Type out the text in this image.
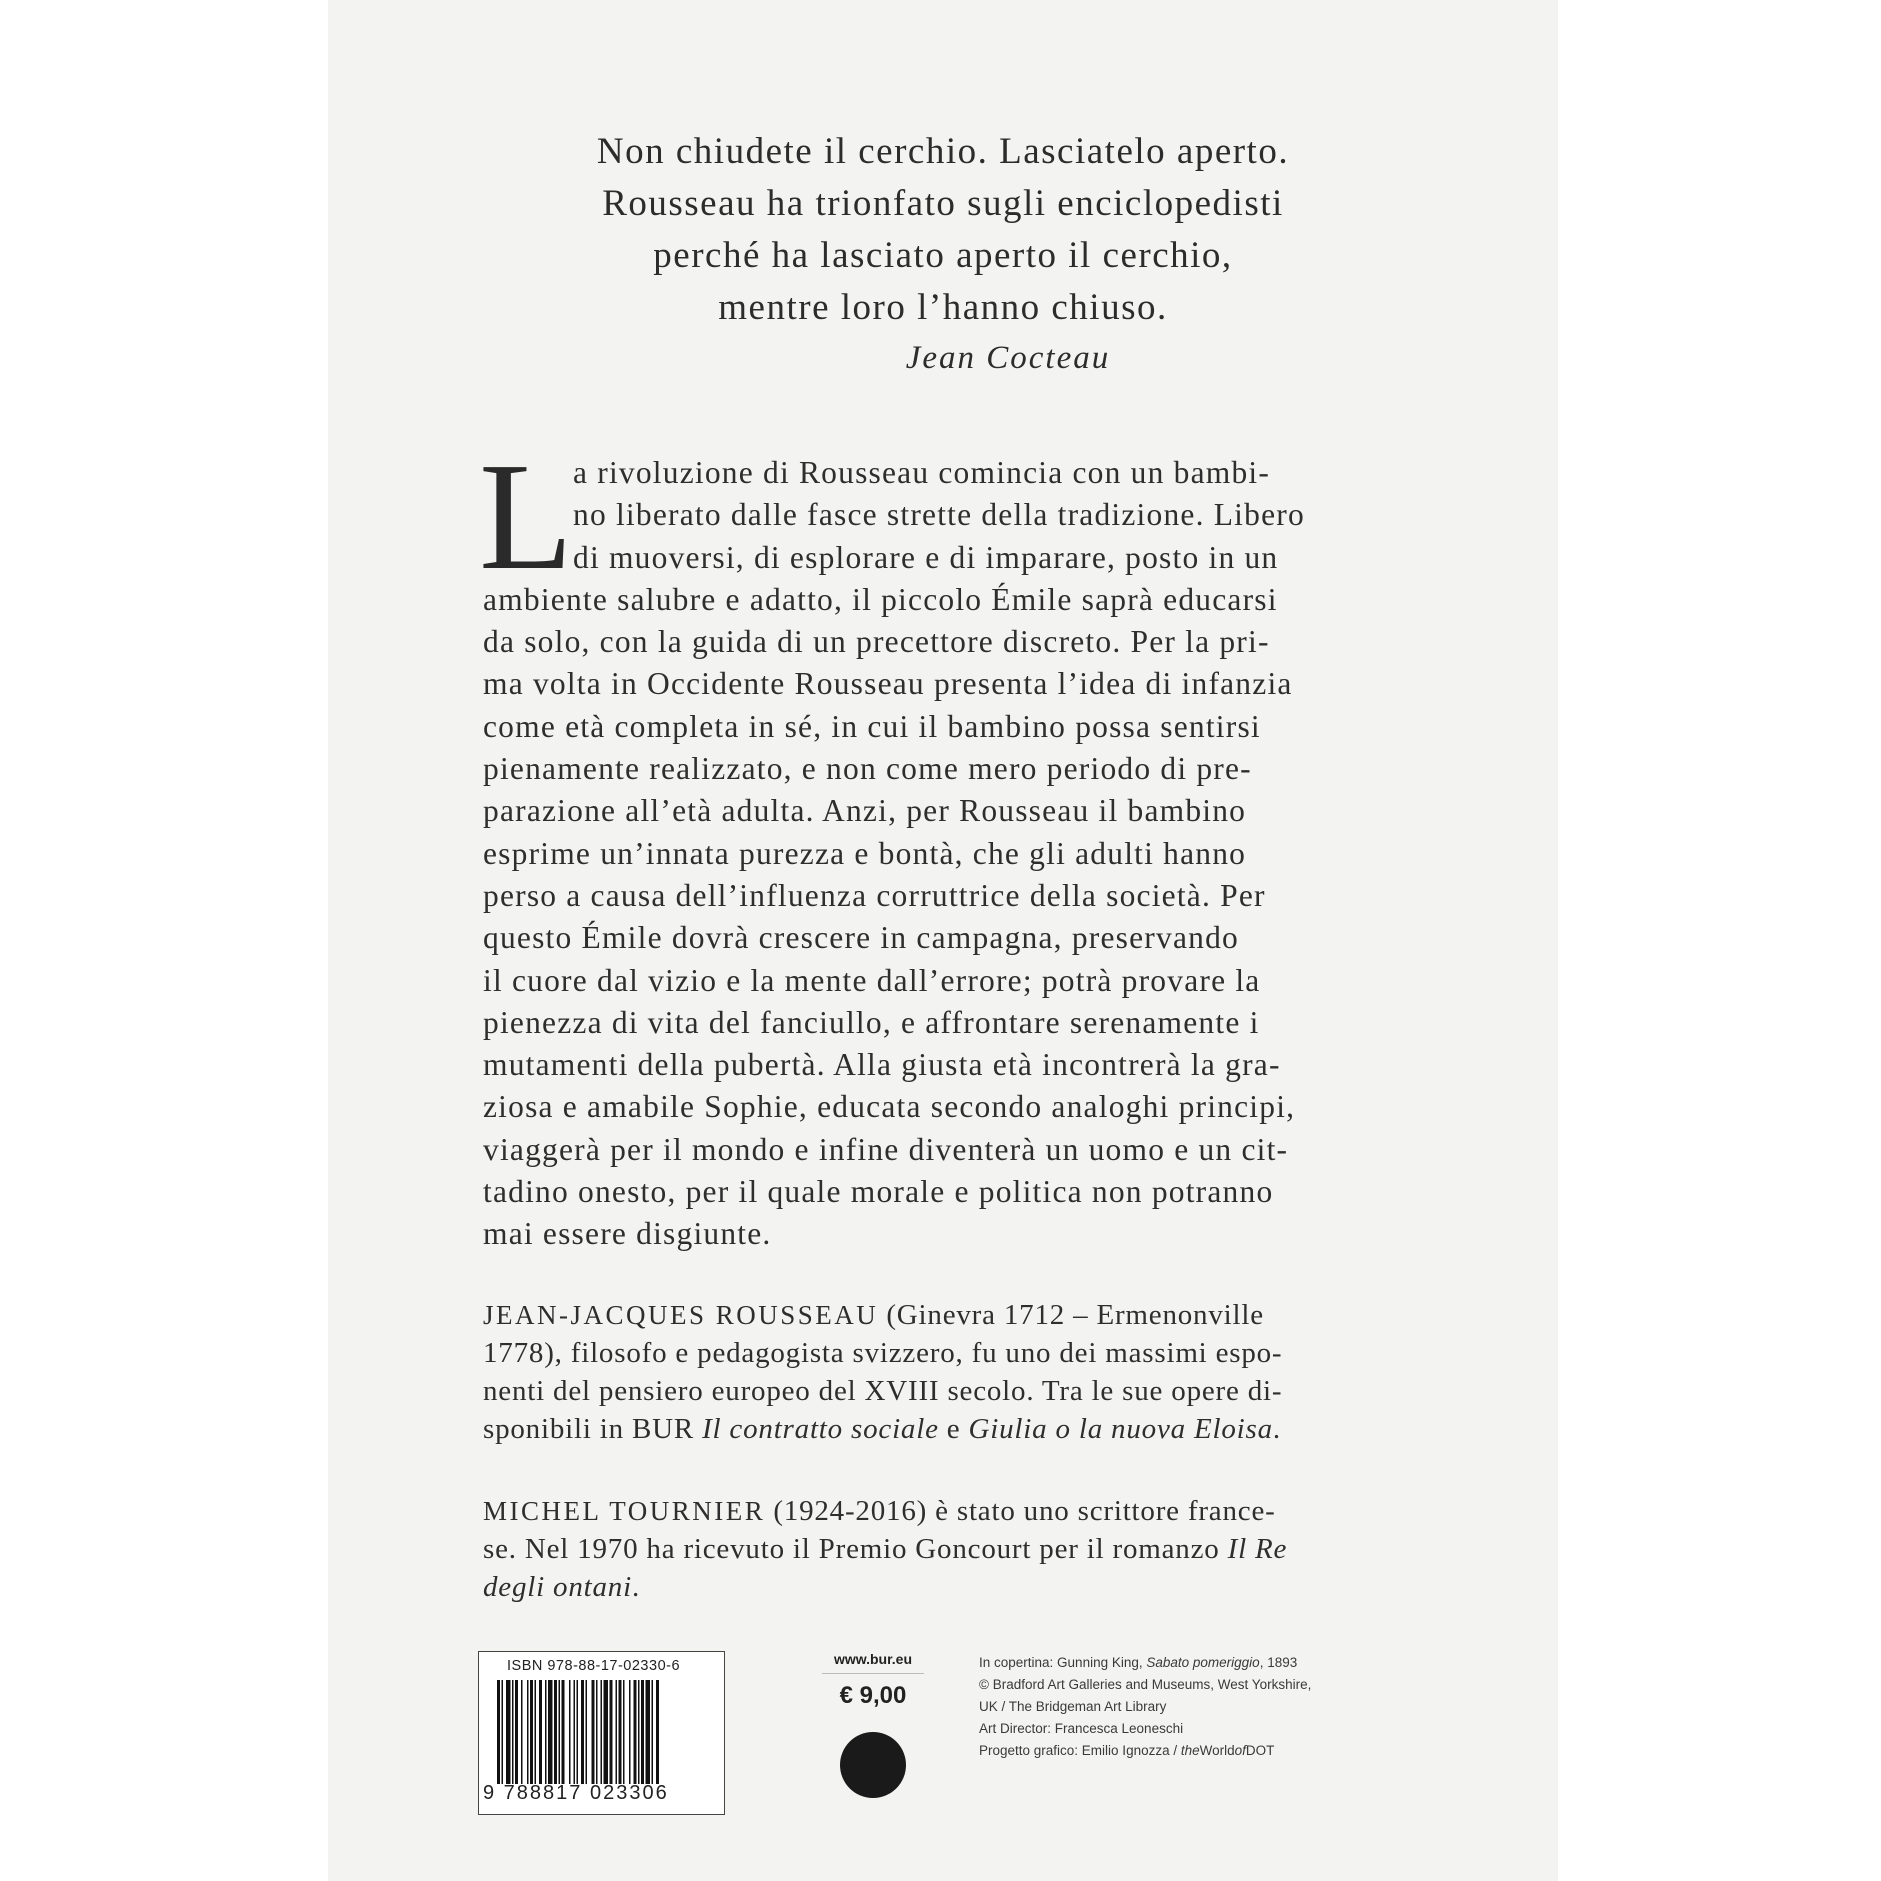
Non chiudete il cerchio. Lasciatelo aperto.
Rousseau ha trionfato sugli enciclopedisti
perché ha lasciato aperto il cerchio,
mentre loro l’hanno chiuso.
Jean Cocteau
L a rivoluzione di Rousseau comincia con un bambi-
no liberato dalle fasce strette della tradizione. Libero
di muoversi, di esplorare e di imparare, posto in un
ambiente salubre e adatto, il piccolo Émile saprà educarsi
da solo, con la guida di un precettore discreto. Per la pri-
ma volta in Occidente Rousseau presenta l’idea di infanzia
come età completa in sé, in cui il bambino possa sentirsi
pienamente realizzato, e non come mero periodo di pre-
parazione all’età adulta. Anzi, per Rousseau il bambino
esprime un’innata purezza e bontà, che gli adulti hanno
perso a causa dell’influenza corruttrice della società. Per
questo Émile dovrà crescere in campagna, preservando
il cuore dal vizio e la mente dall’errore; potrà provare la
pienezza di vita del fanciullo, e affrontare serenamente i
mutamenti della pubertà. Alla giusta età incontrerà la gra-
ziosa e amabile Sophie, educata secondo analoghi principi,
viaggerà per il mondo e infine diventerà un uomo e un cit-
tadino onesto, per il quale morale e politica non potranno
mai essere disgiunte.
JEAN-JACQUES ROUSSEAU (Ginevra 1712 – Ermenonville
1778), filosofo e pedagogista svizzero, fu uno dei massimi espo-
nenti del pensiero europeo del XVIII secolo. Tra le sue opere di-
sponibili in BUR Il contratto sociale e Giulia o la nuova Eloisa.
MICHEL TOURNIER (1924-2016) è stato uno scrittore france-
se. Nel 1970 ha ricevuto il Premio Goncourt per il romanzo Il Re
degli ontani.
ISBN 978-88-17-02330-6
9 788817 023306
www.bur.eu
€ 9,00
In copertina: Gunning King, Sabato pomeriggio, 1893
© Bradford Art Galleries and Museums, West Yorkshire,
UK / The Bridgeman Art Library
Art Director: Francesca Leoneschi
Progetto grafico: Emilio Ignozza / theWorldofDOT
